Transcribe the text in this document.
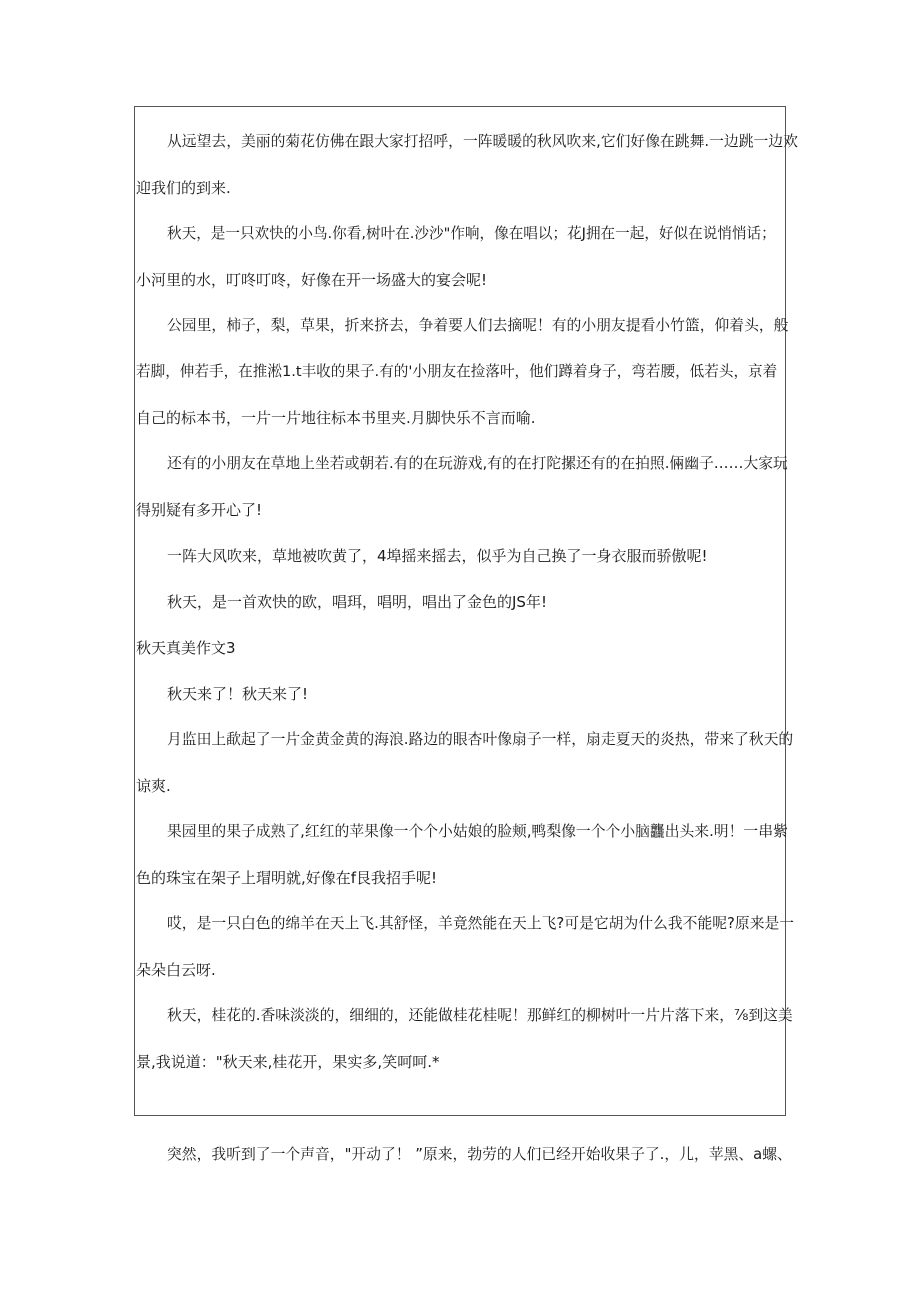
从远望去，美丽的菊花仿佛在跟大家打招呼，一阵暖暖的秋风吹来,它们好像在跳舞.一边跳一边欢
迎我们的到来.
秋天，是一只欢快的小鸟.你看,树叶在.沙沙"作响，像在唱以；花J拥在一起，好似在说悄悄话；
小河里的水，叮咚叮咚，好像在开一场盛大的宴会呢!
公园里，柿子，梨，草果，折来挤去，争着要人们去摘呢！有的小朋友提看小竹篮，仰着头，般
若脚，伸若手，在推淞1.t丰收的果子.有的'小朋友在捡落叶，他们蹲着身子，弯若腰，低若头，京着
自己的标本书，一片一片地往标本书里夹.月脚快乐不言而喻.
还有的小朋友在草地上坐若或朝若.有的在玩游戏,有的在打陀摞还有的在拍照.倆幽子……大家玩
得别疑有多开心了!
一阵大风吹来，草地被吹黄了，4埠摇来摇去，似乎为自己换了一身衣服而骄傲呢!
秋天，是一首欢快的欧，唱珥，唱明，唱出了金色的JS年!
秋天真美作文3
秋天来了！秋天来了!
月监田上歃起了一片金黄金黄的海浪.路边的眼杏叶像扇子一样，扇走夏天的炎热，带来了秋天的
谅爽.
果园里的果子成熟了,红红的苹果像一个个小姑娘的脸颊,鸭梨像一个个小脑龘出头来.明！一串紫
色的珠宝在架子上瑁明就,好像在f艮我招手呢!
哎，是一只白色的绵羊在天上飞.其舒怪，羊竟然能在天上飞?可是它胡为什么我不能呢?原来是一
朵朵白云呀.
秋天，桂花的.香味淡淡的，细细的，还能做桂花桂呢！那鲜红的柳树叶一片片落下来，⅞到这美
景,我说道："秋天来,桂花开，果实多,笑呵呵.*
突然，我听到了一个声音，"开动了！ ”原来，勃劳的人们已经开始收果子了.，儿，苹黑、a螺、
